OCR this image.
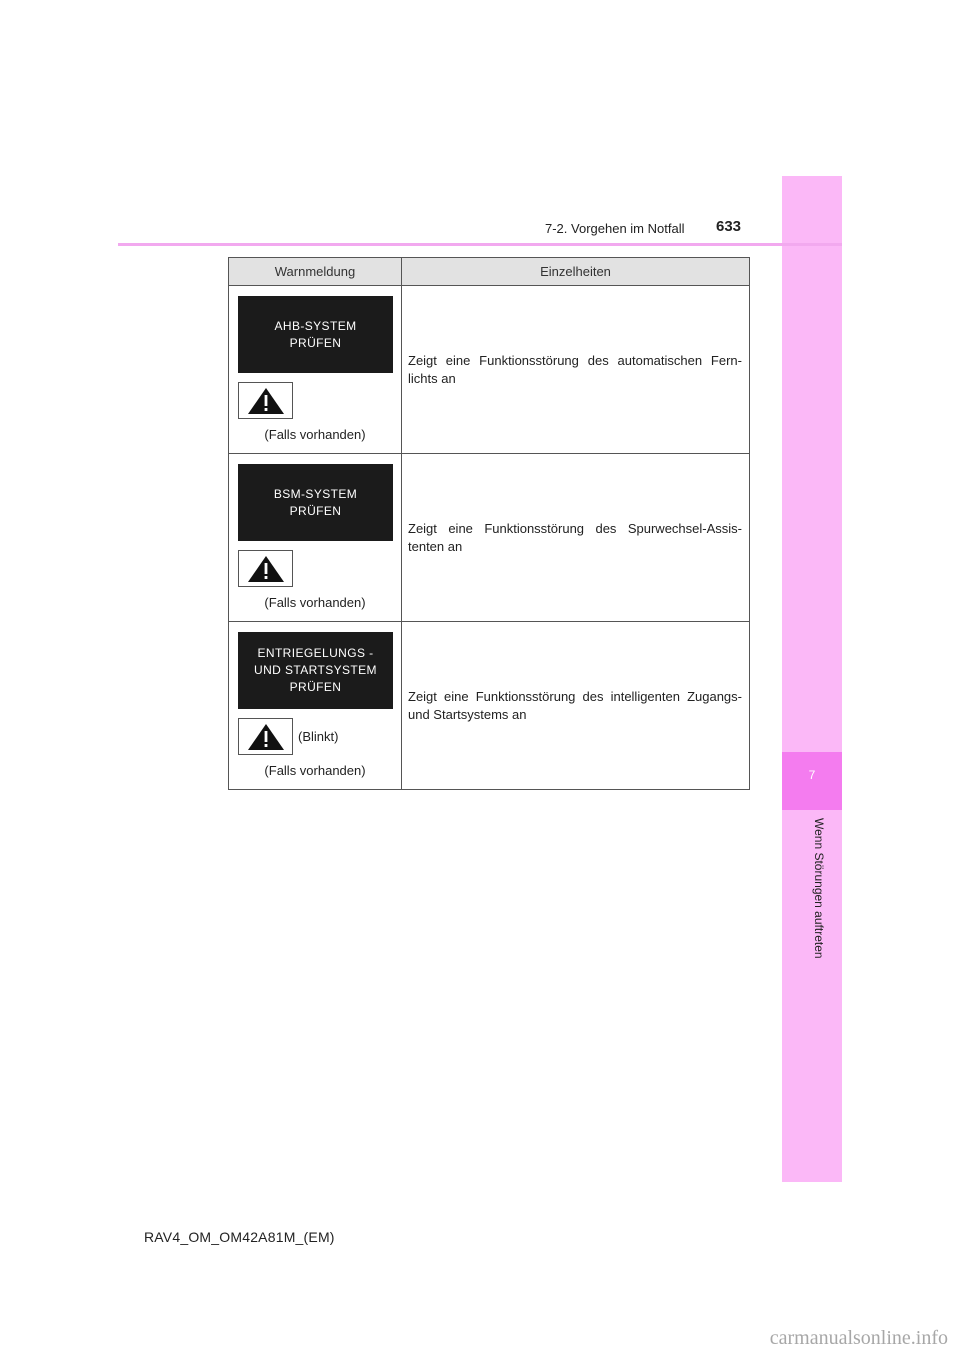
7
Wenn Störungen auftreten
7-2. Vorgehen im Notfall 633
Warnmeldung	Einzelheiten

AHB-SYSTEM
PRÜFEN
(Falls vorhanden)	Zeigt eine Funktionsstörung des automatischen Fern-lichts an

BSM-SYSTEM
PRÜFEN
(Falls vorhanden)	Zeigt eine Funktionsstörung des Spurwechsel-Assis-tenten an

ENTRIEGELUNGS -
UND STARTSYSTEM
PRÜFEN
(Blinkt)
(Falls vorhanden)	Zeigt eine Funktionsstörung des intelligenten Zugangs-und Startsystems an
RAV4_OM_OM42A81M_(EM)
carmanualsonline.info
